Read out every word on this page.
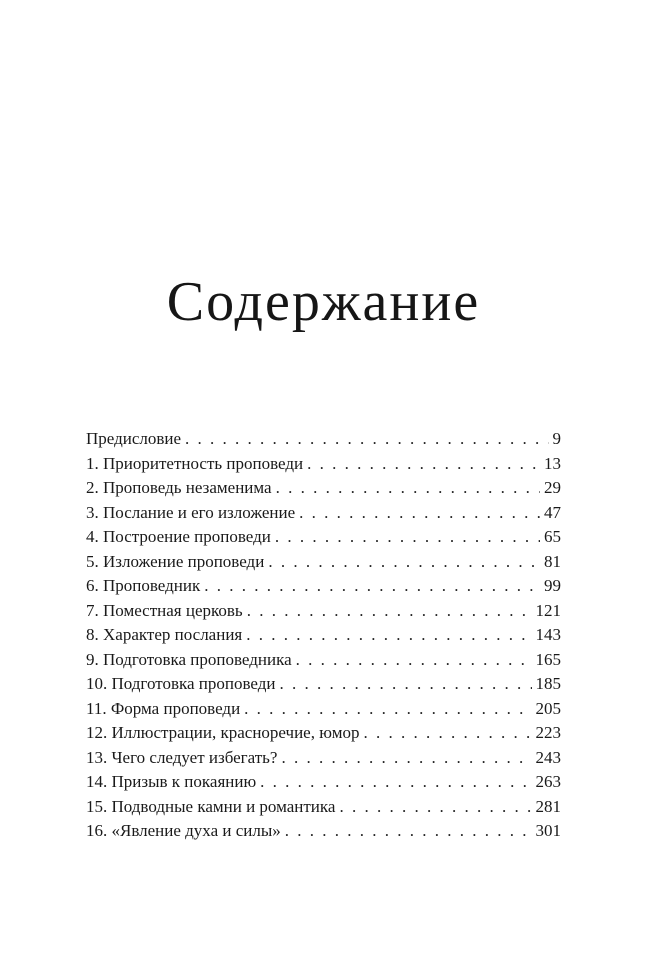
Содержание
Предисловие . . .	9
1. Приоритетность проповеди . . .	13
2. Проповедь незаменима . . .	29
3. Послание и его изложение . . .	47
4. Построение проповеди . . .	65
5. Изложение проповеди . . .	81
6. Проповедник . . .	99
7. Поместная церковь . . .	121
8. Характер послания . . .	143
9. Подготовка проповедника . . .	165
10. Подготовка проповеди . . .	185
11. Форма проповеди . . .	205
12. Иллюстрации, красноречие, юмор . . .	223
13. Чего следует избегать? . . .	243
14. Призыв к покаянию . . .	263
15. Подводные камни и романтика . . .	281
16. «Явление духа и силы» . . .	301
